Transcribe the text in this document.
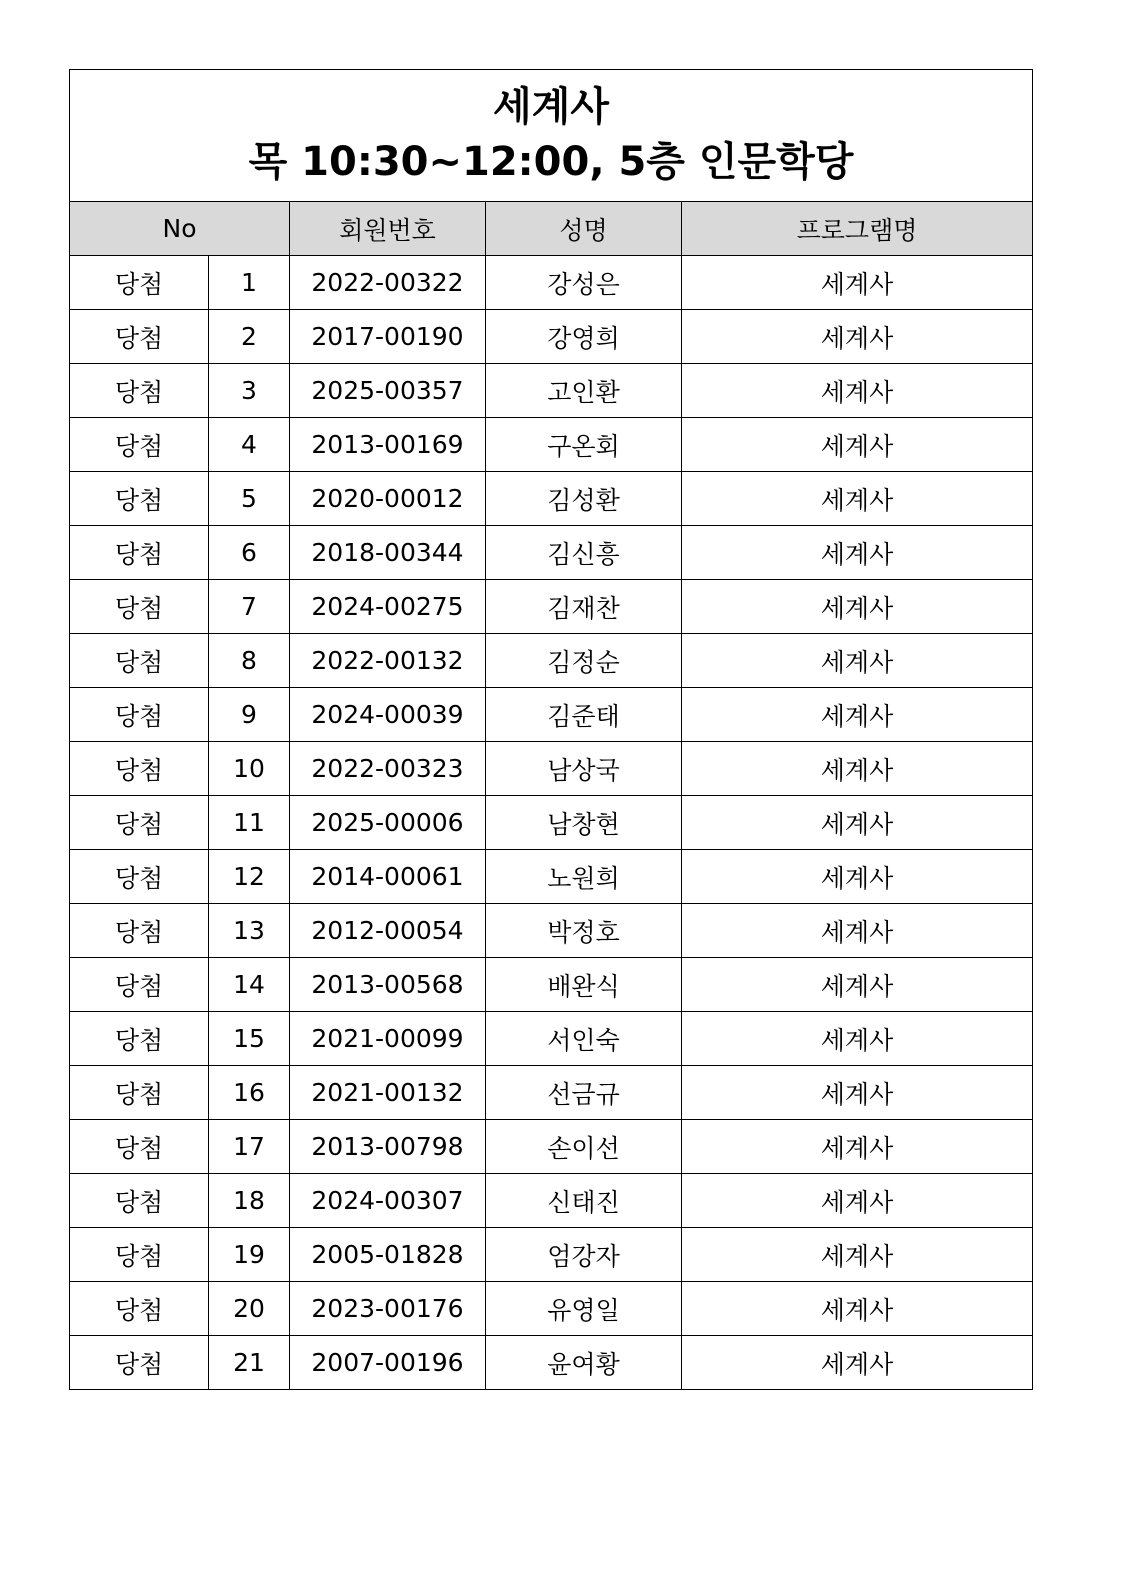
세계사
목 10:30~12:00, 5층 인문학당				

No		회원번호	성명	프로그램명
당첨	1	2022-00322	강성은	세계사
당첨	2	2017-00190	강영희	세계사
당첨	3	2025-00357	고인환	세계사
당첨	4	2013-00169	구온회	세계사
당첨	5	2020-00012	김성환	세계사
당첨	6	2018-00344	김신흥	세계사
당첨	7	2024-00275	김재찬	세계사
당첨	8	2022-00132	김정순	세계사
당첨	9	2024-00039	김준태	세계사
당첨	10	2022-00323	남상국	세계사
당첨	11	2025-00006	남창현	세계사
당첨	12	2014-00061	노원희	세계사
당첨	13	2012-00054	박정호	세계사
당첨	14	2013-00568	배완식	세계사
당첨	15	2021-00099	서인숙	세계사
당첨	16	2021-00132	선금규	세계사
당첨	17	2013-00798	손이선	세계사
당첨	18	2024-00307	신태진	세계사
당첨	19	2005-01828	엄강자	세계사
당첨	20	2023-00176	유영일	세계사
당첨	21	2007-00196	윤여황	세계사
